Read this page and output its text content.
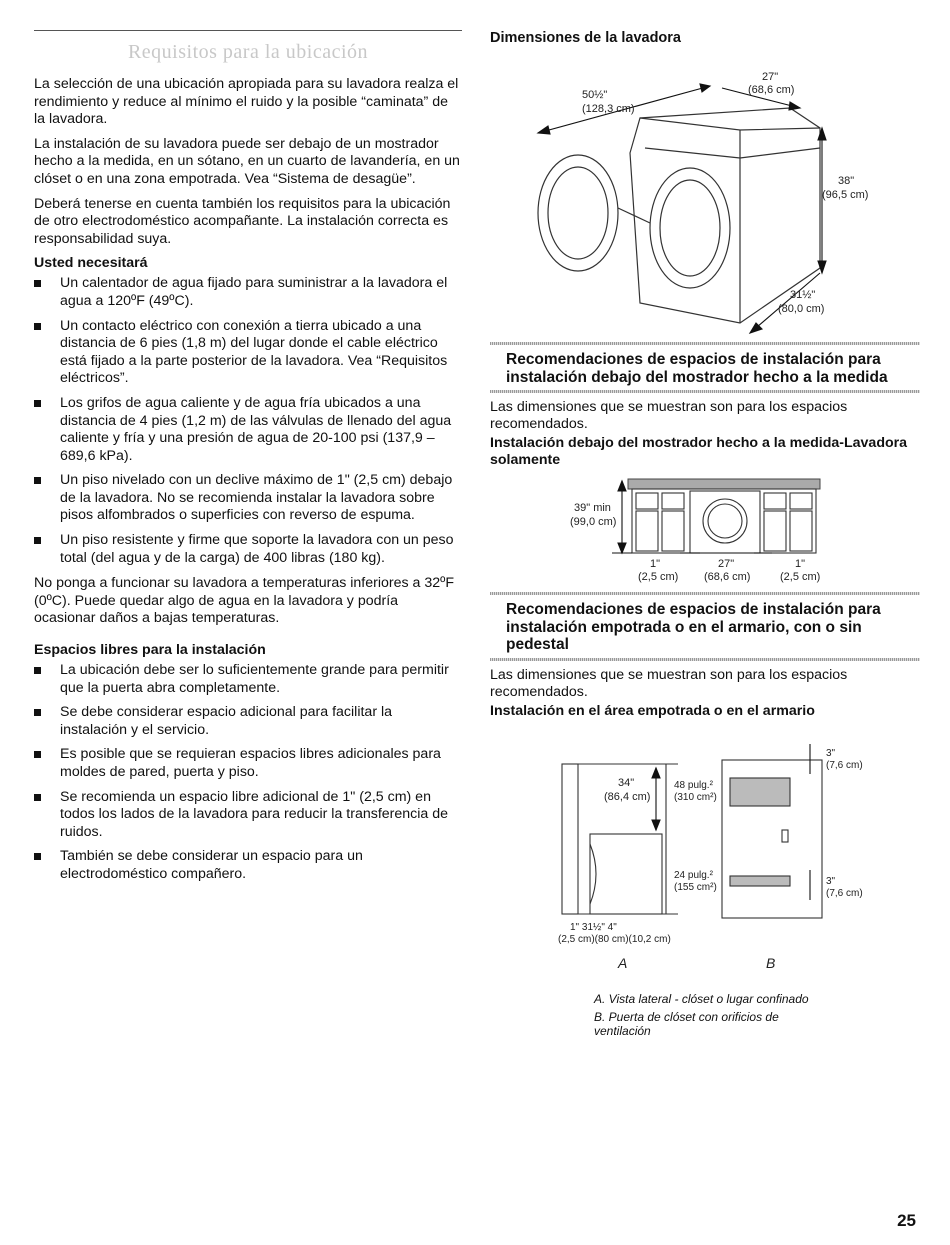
Requisitos para la ubicación

La selección de una ubicación apropiada para su lavadora realza el rendimiento y reduce al mínimo el ruido y la posible “caminata” de la lavadora.

La instalación de su lavadora puede ser debajo de un mostrador hecho a la medida, en un sótano, en un cuarto de lavandería, en un clóset o en una zona empotrada. Vea “Sistema de desagüe”.

Deberá tenerse en cuenta también los requisitos para la ubicación de otro electrodoméstico acompañante. La instalación correcta es responsabilidad suya.

Usted necesitará
Un calentador de agua fijado para suministrar a la lavadora el agua a 120ºF (49ºC).
Un contacto eléctrico con conexión a tierra ubicado a una distancia de 6 pies (1,8 m) del lugar donde el cable eléctrico está fijado a la parte posterior de la lavadora. Vea “Requisitos eléctricos”.
Los grifos de agua caliente y de agua fría ubicados a una distancia de 4 pies (1,2 m) de las válvulas de llenado del agua caliente y fría y una presión de agua de 20-100 psi (137,9 – 689,6 kPa).
Un piso nivelado con un declive máximo de 1" (2,5 cm) debajo de la lavadora. No se recomienda instalar la lavadora sobre pisos alfombrados o superficies con reverso de espuma.
Un piso resistente y firme que soporte la lavadora con un peso total (del agua y de la carga) de 400 libras (180 kg).

No ponga a funcionar su lavadora a temperaturas inferiores a 32ºF (0ºC). Puede quedar algo de agua en la lavadora y podría ocasionar daños a bajas temperaturas.

Espacios libres para la instalación
La ubicación debe ser lo suficientemente grande para permitir que la puerta abra completamente.
Se debe considerar espacio adicional para facilitar la instalación y el servicio.
Es posible que se requieran espacios libres adicionales para moldes de pared, puerta y piso.
Se recomienda un espacio libre adicional de 1" (2,5 cm) en todos los lados de la lavadora para reducir la transferencia de ruidos.
También se debe considerar un espacio para un electrodoméstico compañero.
Dimensiones de la lavadora
50½"
(128,3 cm)
27"
(68,6 cm)
38"
(96,5 cm)
31½"
(80,0 cm)
Recomendaciones de espacios de instalación para instalación debajo del mostrador hecho a la medida
Las dimensiones que se muestran son para los espacios recomendados.
Instalación debajo del mostrador hecho a la medida-Lavadora solamente
39" min
(99,0 cm)
1"
(2,5 cm)
27"
(68,6 cm)
1"
(2,5 cm)
Recomendaciones de espacios de instalación para instalación empotrada o en el armario, con o sin pedestal
Las dimensiones que se muestran son para los espacios recomendados.
Instalación en el área empotrada o en el armario
34"
(86,4 cm)
48 pulg.²
(310 cm²)
24 pulg.²
(155 cm²)
3"
(7,6 cm)
3"
(7,6 cm)
1" 31½" 4"
(2,5 cm)(80 cm)(10,2 cm)
A	B
A. Vista lateral - clóset o lugar confinado
B. Puerta de clóset con orificios de ventilación
25
